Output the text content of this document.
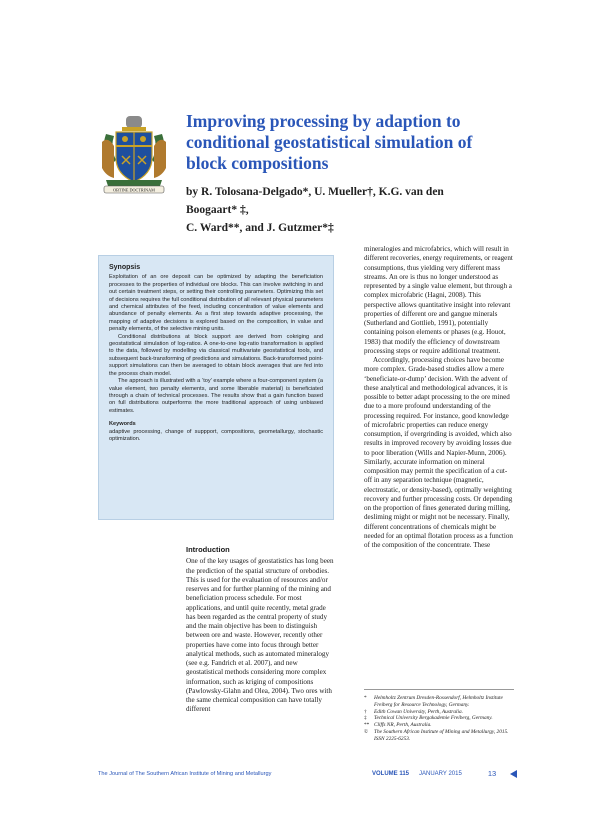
OBTINE DOCTRINAM
Improving processing by adaption to conditional geostatistical simulation of block compositions
by R. Tolosana-Delgado*, U. Mueller†, K.G. van den Boogaart* ‡,
C. Ward**, and J. Gutzmer*‡
Synopsis

Exploitation of an ore deposit can be optimized by adapting the beneficiation processes to the properties of individual ore blocks. This can involve switching in and out certain treatment steps, or setting their controlling parameters. Optimizing this set of decisions requires the full conditional distribution of all relevant physical parameters and chemical attributes of the feed, including concentration of value elements and abundance of penalty elements. As a first step towards adaptive processing, the mapping of adaptive decisions is explored based on the composition, in value and penalty elements, of the selective mining units.

Conditional distributions at block support are derived from cokriging and geostatistical simulation of log-ratios. A one-to-one log-ratio transformation is applied to the data, followed by modelling via classical multivariate geostatistical tools, and subsequent back-transforming of predictions and simulations. Back-transformed point-support simulations can then be averaged to obtain block averages that are fed into the process chain model.

The approach is illustrated with a ‘toy’ example where a four-component system (a value element, two penalty elements, and some liberable material) is beneficiated through a chain of technical processes. The results show that a gain function based on full distributions outperforms the more traditional approach of using unbiased estimates.

Keywords

adaptive processing, change of suppport, compositions, geometallurgy, stochastic optimization.

Introduction

One of the key usages of geostatistics has long been the prediction of the spatial structure of orebodies. This is used for the evaluation of resources and/or reserves and for further planning of the mining and beneficiation process schedule. For most applications, and until quite recently, metal grade has been regarded as the central property of study and the main objective has been to distinguish between ore and waste. However, recently other properties have come into focus through better analytical methods, such as automated mineralogy (see e.g. Fandrich et al. 2007), and new geostatistical methods considering more complex information, such as kriging of compositions (Pawlowsky-Glahn and Olea, 2004). Two ores with the same chemical composition can have totally different

mineralogies and microfabrics, which will result in different recoveries, energy requirements, or reagent consumptions, thus yielding very different mass streams. An ore is thus no longer understood as represented by a single value element, but through a complex microfabric (Hagni, 2008). This perspective allows quantitative insight into relevant properties of different ore and gangue minerals (Sutherland and Gottlieb, 1991), potentially containing poison elements or phases (e.g. Houot, 1983) that modify the efficiency of downstream processing steps or require additional treatment.

Accordingly, processing choices have become more complex. Grade-based studies allow a mere ‘beneficiate-or-dump’ decision. With the advent of these analytical and methodological advances, it is possible to better adapt processing to the ore mined due to a more profound understanding of the processing required. For instance, good knowledge of microfabric properties can reduce energy consumption, if overgrinding is avoided, which also results in improved recovery by avoiding losses due to poor liberation (Wills and Napier-Munn, 2006). Similarly, accurate information on mineral composition may permit the specification of a cut-off in any separation technique (magnetic, electrostatic, or density-based), optimally weighting recovery and further processing costs. Or depending on the proportion of fines generated during milling, desliming might or might not be necessary. Finally, different concentrations of chemicals might be needed for an optimal flotation process as a function of the composition of the concentrate. These

*	Helmholtz Zentrum Dresden-Rossendorf, Helmholtz Institute Freiberg for Resource Technology, Germany.
†	Edith Cowan University, Perth, Australia.
‡	Technical University Bergakademie Freiberg, Germany.
** Cliffs NR, Perth, Australia.
©	The Southern African Institute of Mining and Metallurgy, 2015. ISSN 2225-6253.
The Journal of The Southern African Institute of Mining and Metallurgy	VOLUME 115 JANUARY 2015	13
